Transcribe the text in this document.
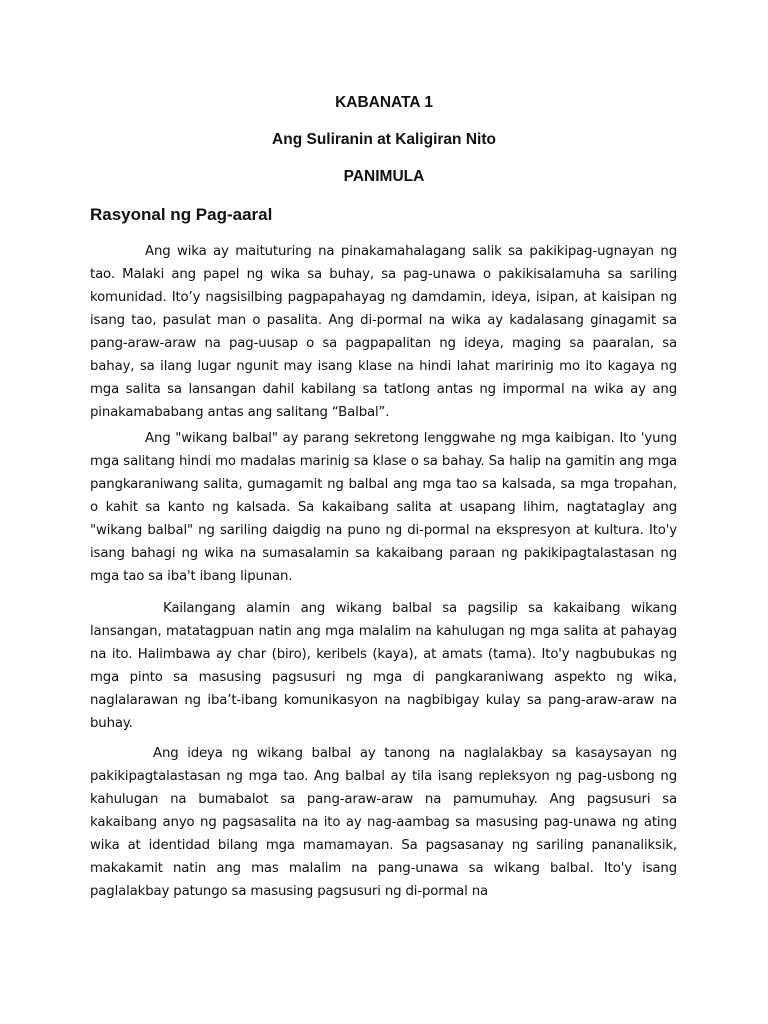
KABANATA 1
Ang Suliranin at Kaligiran Nito
PANIMULA
Rasyonal ng Pag-aaral

Ang wika ay maituturing na pinakamahalagang salik sa pakikipag-ugnayan ng tao. Malaki ang papel ng wika sa buhay, sa pag-unawa o pakikisalamuha sa sariling komunidad. Ito’y nagsisilbing pagpapahayag ng damdamin, ideya, isipan, at kaisipan ng isang tao, pasulat man o pasalita. Ang di-pormal na wika ay kadalasang ginagamit sa pang-araw-araw na pag-uusap o sa pagpapalitan ng ideya, maging sa paaralan, sa bahay, sa ilang lugar ngunit may isang klase na hindi lahat maririnig mo ito kagaya ng mga salita sa lansangan dahil kabilang sa tatlong antas ng impormal na wika ay ang pinakamababang antas ang salitang “Balbal”.

Ang "wikang balbal" ay parang sekretong lenggwahe ng mga kaibigan. Ito 'yung mga salitang hindi mo madalas marinig sa klase o sa bahay. Sa halip na gamitin ang mga pangkaraniwang salita, gumagamit ng balbal ang mga tao sa kalsada, sa mga tropahan, o kahit sa kanto ng kalsada. Sa kakaibang salita at usapang lihim, nagtataglay ang "wikang balbal" ng sariling daigdig na puno ng di-pormal na ekspresyon at kultura. Ito'y isang bahagi ng wika na sumasalamin sa kakaibang paraan ng pakikipagtalastasan ng mga tao sa iba't ibang lipunan.

Kailangang alamin ang wikang balbal sa pagsilip sa kakaibang wikang lansangan, matatagpuan natin ang mga malalim na kahulugan ng mga salita at pahayag na ito. Halimbawa ay char (biro), keribels (kaya), at amats (tama). Ito'y nagbubukas ng mga pinto sa masusing pagsusuri ng mga di pangkaraniwang aspekto ng wika, naglalarawan ng iba’t-ibang komunikasyon na nagbibigay kulay sa pang-araw-araw na buhay.

Ang ideya ng wikang balbal ay tanong na naglalakbay sa kasaysayan ng pakikipagtalastasan ng mga tao. Ang balbal ay tila isang repleksyon ng pag-usbong ng kahulugan na bumabalot sa pang-araw-araw na pamumuhay. Ang pagsusuri sa kakaibang anyo ng pagsasalita na ito ay nag-aambag sa masusing pag-unawa ng ating wika at identidad bilang mga mamamayan. Sa pagsasanay ng sariling pananaliksik, makakamit natin ang mas malalim na pang-unawa sa wikang balbal. Ito'y isang paglalakbay patungo sa masusing pagsusuri ng di-pormal na
